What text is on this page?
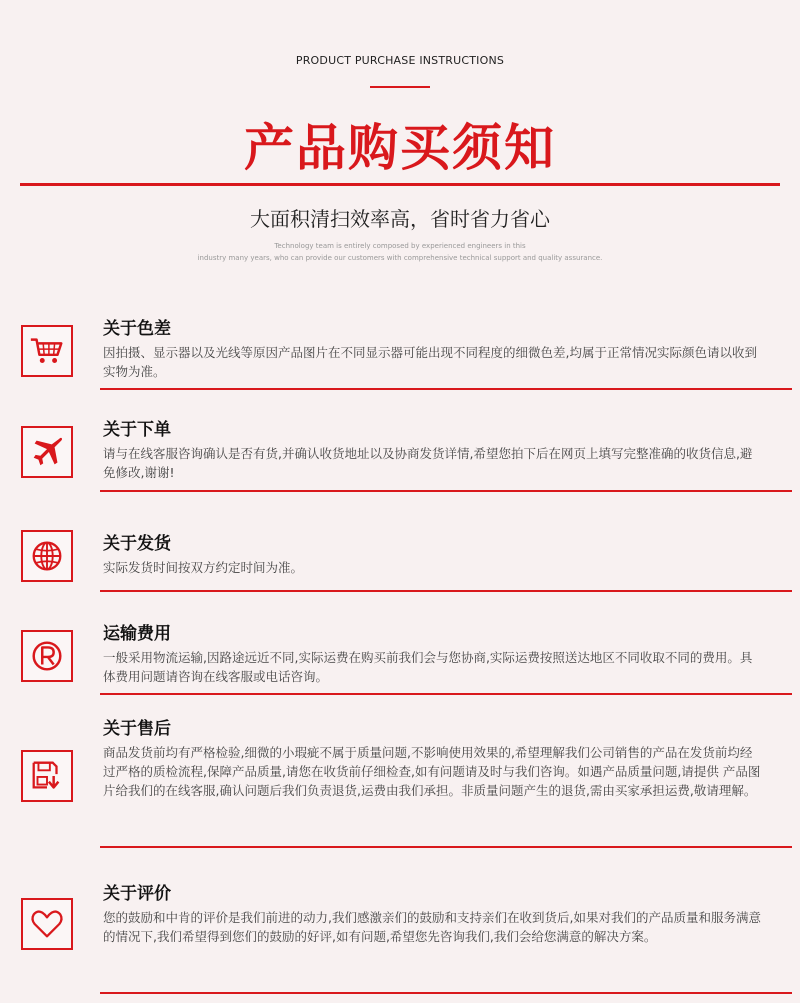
PRODUCT PURCHASE INSTRUCTIONS
产品购买须知
大面积清扫效率高，省时省力省心
Technology team is entirely composed by experienced engineers in this
industry many years, who can provide our customers with comprehensive technical support and quality assurance.
关于色差
因拍摄、显示器以及光线等原因产品图片在不同显示器可能出现不同程度的细微色差,均属于正常情况实际颜色请以收到实物为准。
关于下单
请与在线客服咨询确认是否有货,并确认收货地址以及协商发货详情,希望您拍下后在网页上填写完整准确的收货信息,避免修改,谢谢!
关于发货
实际发货时间按双方约定时间为准。
运输费用
一般采用物流运输,因路途远近不同,实际运费在购买前我们会与您协商,实际运费按照送达地区不同收取不同的费用。具体费用问题请咨询在线客服或电话咨询。
关于售后
商品发货前均有严格检验,细微的小瑕疵不属于质量问题,不影响使用效果的,希望理解我们公司销售的产品在发货前均经过严格的质检流程,保障产品质量,请您在收货前仔细检查,如有问题请及时与我们咨询。如遇产品质量问题,请提供 产品图片给我们的在线客服,确认问题后我们负责退货,运费由我们承担。非质量问题产生的退货,需由买家承担运费,敬请理解。
关于评价
您的鼓励和中肯的评价是我们前进的动力,我们感激亲们的鼓励和支持亲们在收到货后,如果对我们的产品质量和服务满意的情况下,我们希望得到您们的鼓励的好评,如有问题,希望您先咨询我们,我们会给您满意的解决方案。
